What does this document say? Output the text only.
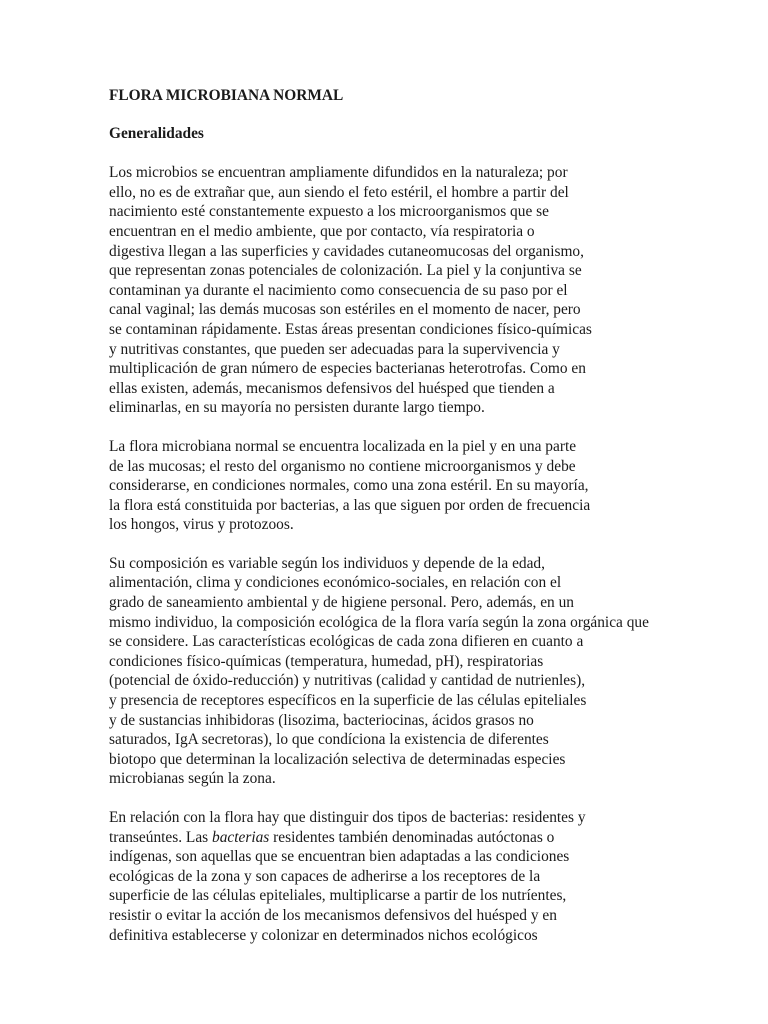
FLORA MICROBIANA NORMAL
Generalidades
Los microbios se encuentran ampliamente difundidos en la naturaleza; por
ello, no es de extrañar que, aun siendo el feto estéril, el hombre a partir del
nacimiento esté constantemente expuesto a los microorganismos que se
encuentran en el medio ambiente, que por contacto, vía respiratoria o
digestiva llegan a las superficies y cavidades cutaneomucosas del organismo,
que representan zonas potenciales de colonización. La piel y la conjuntiva se
contaminan ya durante el nacimiento como consecuencia de su paso por el
canal vaginal; las demás mucosas son estériles en el momento de nacer, pero
se contaminan rápidamente. Estas áreas presentan condiciones físico-químicas
y nutritivas constantes, que pueden ser adecuadas para la supervivencia y
multiplicación de gran número de especies bacterianas heterotrofas. Como en
ellas existen, además, mecanismos defensivos del huésped que tienden a
eliminarlas, en su mayoría no persisten durante largo tiempo.
La flora microbiana normal se encuentra localizada en la piel y en una parte
de las mucosas; el resto del organismo no contiene microorganismos y debe
considerarse, en condiciones normales, como una zona estéril. En su mayoría,
la flora está constituida por bacterias, a las que siguen por orden de frecuencia
los hongos, virus y protozoos.
Su composición es variable según los individuos y depende de la edad,
alimentación, clima y condiciones económico-sociales, en relación con el
grado de saneamiento ambiental y de higiene personal. Pero, además, en un
mismo individuo, la composición ecológica de la flora varía según la zona orgánica que
se considere. Las características ecológicas de cada zona difieren en cuanto a
condiciones físico-químicas (temperatura, humedad, pH), respiratorias
(potencial de óxido-reducción) y nutritivas (calidad y cantidad de nutrienles),
y presencia de receptores específicos en la superficie de las células epiteliales
y de sustancias inhibidoras (lisozima, bacteriocinas, ácidos grasos no
saturados, IgA secretoras), lo que condíciona la existencia de diferentes
biotopo que determinan la localización selectiva de determinadas especies
microbianas según la zona.
En relación con la flora hay que distinguir dos tipos de bacterias: residentes y
transeúntes. Las bacterias residentes también denominadas autóctonas o
indígenas, son aquellas que se encuentran bien adaptadas a las condiciones
ecológicas de la zona y son capaces de adherirse a los receptores de la
superficie de las células epiteliales, multiplicarse a partir de los nutríentes,
resistir o evitar la acción de los mecanismos defensivos del huésped y en
definitiva establecerse y colonizar en determinados nichos ecológicos
